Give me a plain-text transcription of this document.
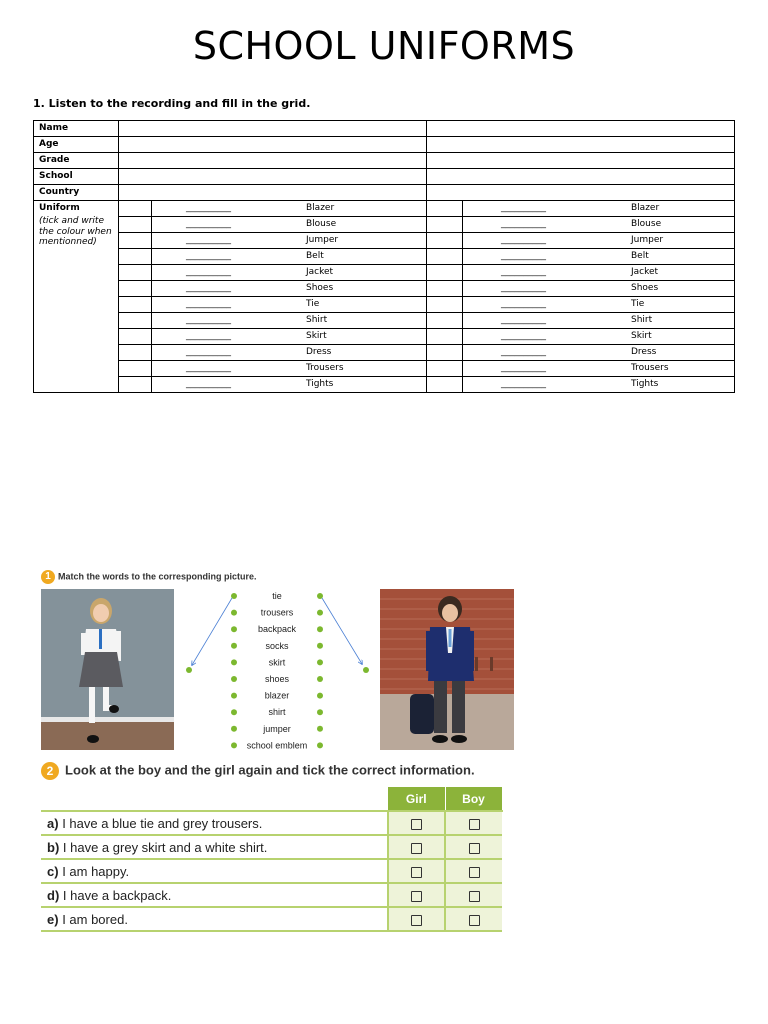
SCHOOL UNIFORMS
1. Listen to the recording and fill in the grid.
Name				
Age				
Grade				
School				
Country				

Uniform
(tick and write the colour when mentionned)		__________ Blazer		__________ Blazer
		__________ Blouse		__________ Blouse
		__________ Jumper		__________ Jumper
		__________ Belt		__________ Belt
		__________ Jacket		__________ Jacket
		__________ Shoes		__________ Shoes
		__________ Tie		__________ Tie
		__________ Shirt		__________ Shirt
		__________ Skirt		__________ Skirt
		__________ Dress		__________ Dress
		__________ Trousers		__________ Trousers
		__________ Tights		__________ Tights
1 Match the words to the corresponding picture.
tie
trousers
backpack
socks
skirt
shoes
blazer
shirt
jumper
school emblem
2 Look at the boy and the girl again and tick the correct information.
	Girl	Boy
a) I have a blue tie and grey trousers.		
b) I have a grey skirt and a white shirt.		
c) I am happy.		
d) I have a backpack.		
e) I am bored.		
